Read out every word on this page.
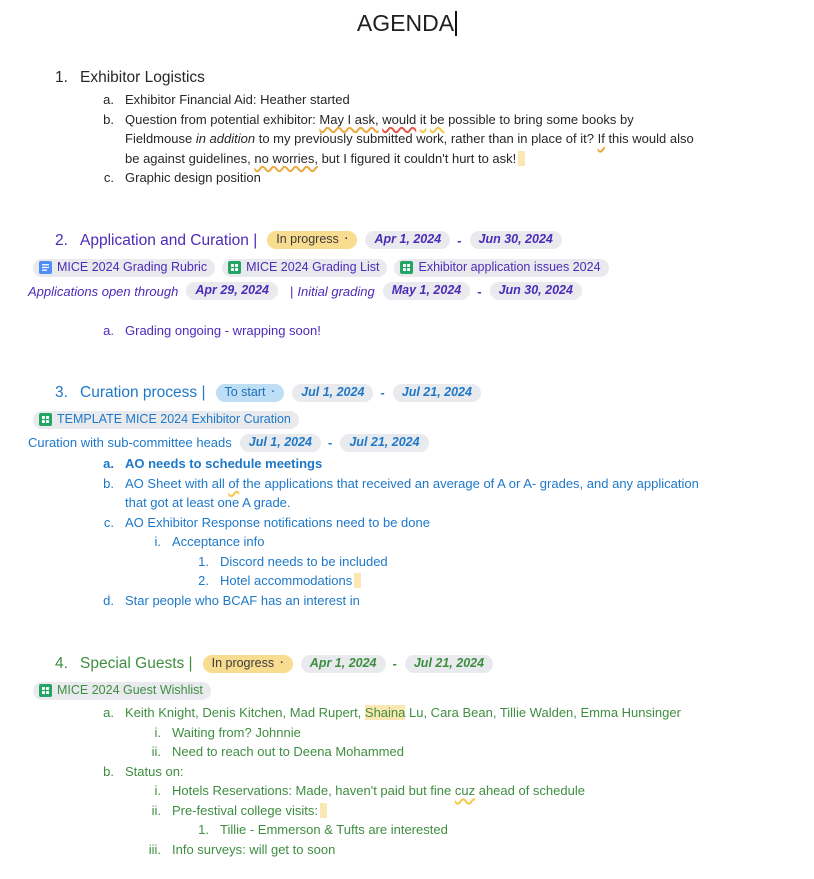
AGENDA
1. Exhibitor Logistics
a. Exhibitor Financial Aid: Heather started
b. Question from potential exhibitor: May I ask, would it be possible to bring some books by Fieldmouse in addition to my previously submitted work, rather than in place of it? If this would also be against guidelines, no worries, but I figured it couldn't hurt to ask!
c. Graphic design position
2. Application and Curation | In progress ·	Apr 1, 2024	-	Jun 30, 2024
MICE 2024 Grading Rubric	MICE 2024 Grading List	Exhibitor application issues 2024
Applications open through	Apr 29, 2024	| Initial grading	May 1, 2024	-	Jun 30, 2024
a. Grading ongoing - wrapping soon!
3. Curation process | To start ·	Jul 1, 2024	-	Jul 21, 2024
TEMPLATE MICE 2024 Exhibitor Curation
Curation with sub-committee heads	Jul 1, 2024	-	Jul 21, 2024
a. AO needs to schedule meetings
b. AO Sheet with all of the applications that received an average of A or A- grades, and any application that got at least one A grade.
c. AO Exhibitor Response notifications need to be done
i. Acceptance info
1. Discord needs to be included
2. Hotel accommodations
d. Star people who BCAF has an interest in
4. Special Guests | In progress ·	Apr 1, 2024	-	Jul 21, 2024
MICE 2024 Guest Wishlist
a. Keith Knight, Denis Kitchen, Mad Rupert, Shaina Lu, Cara Bean, Tillie Walden, Emma Hunsinger
i. Waiting from? Johnnie
ii. Need to reach out to Deena Mohammed
b. Status on:
i. Hotels Reservations: Made, haven't paid but fine cuz ahead of schedule
ii. Pre-festival college visits:
1. Tillie - Emmerson & Tufts are interested
iii. Info surveys: will get to soon
